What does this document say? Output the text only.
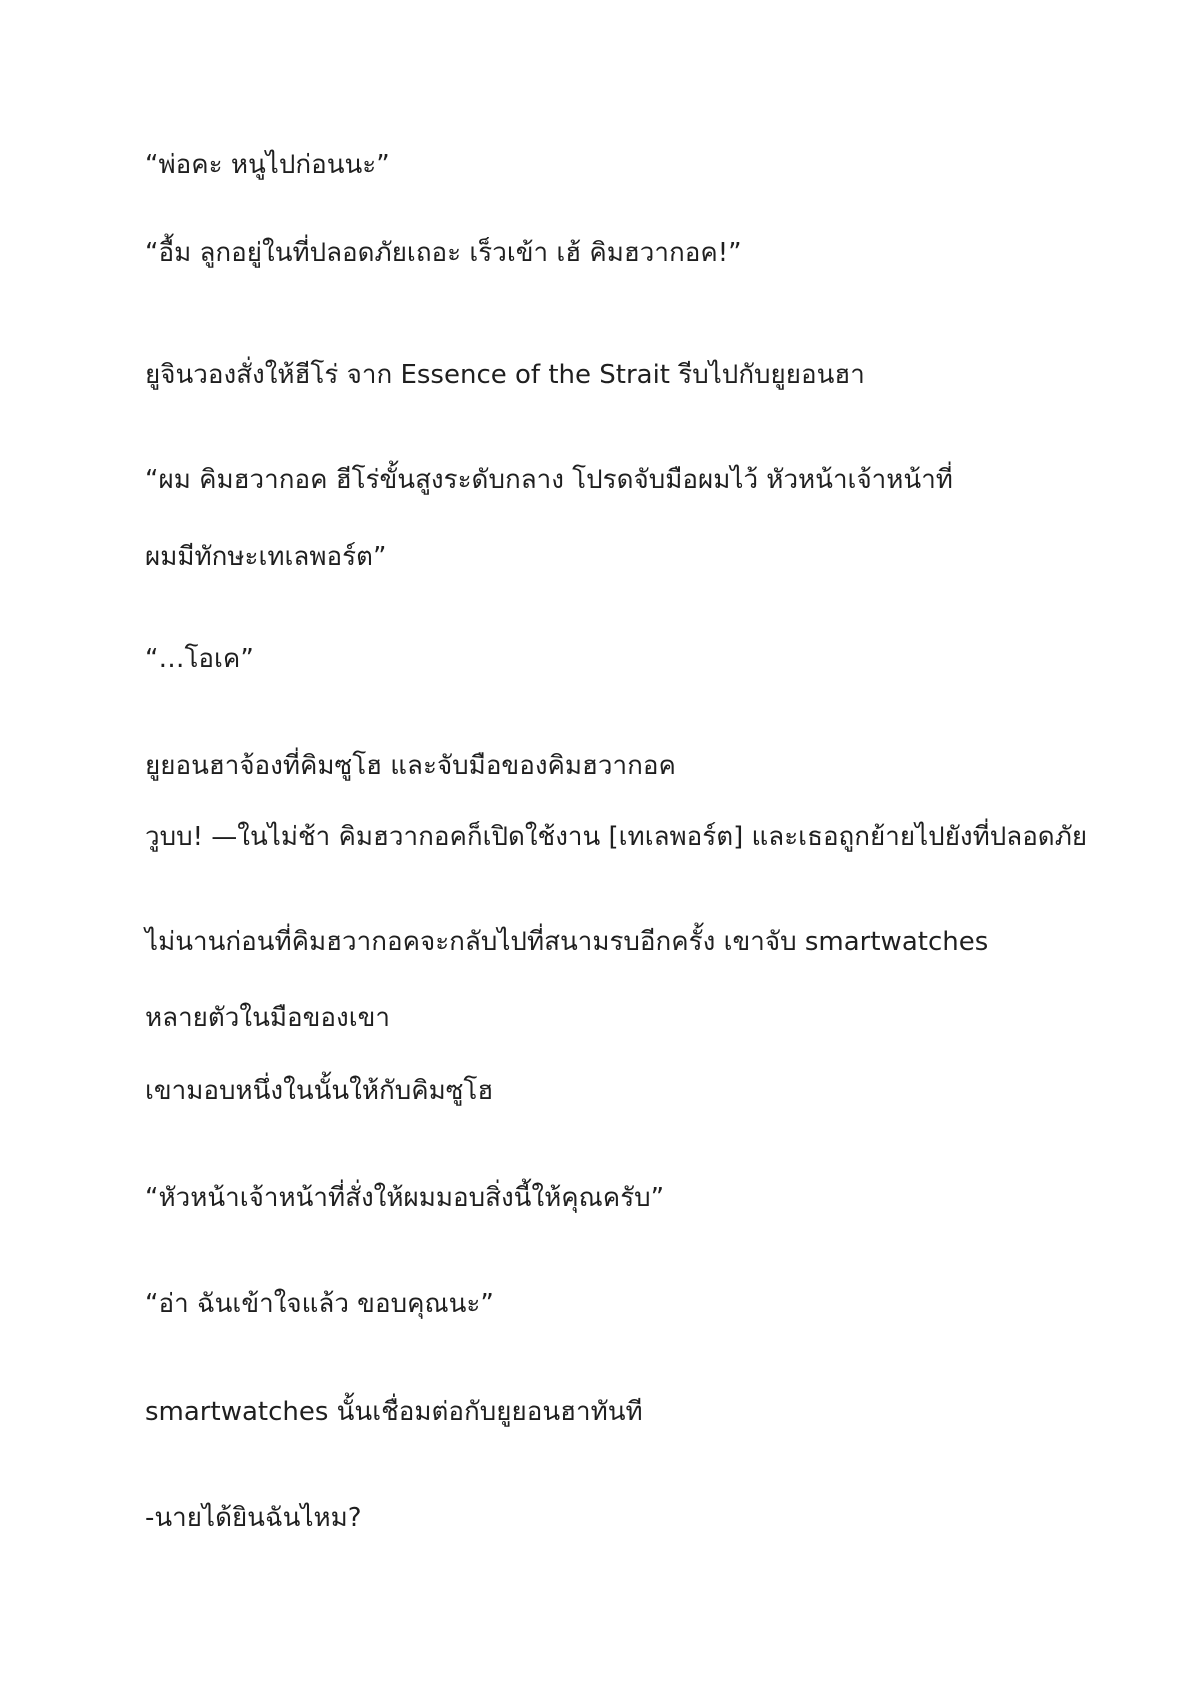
“พ่อคะ หนูไปก่อนนะ”
“อื้ม ลูกอยู่ในที่ปลอดภัยเถอะ เร็วเข้า เฮ้ คิมฮวากอค!”
ยูจินวองสั่งให้ฮีโร่ จาก Essence of the Strait รีบไปกับยูยอนฮา
“ผม คิมฮวากอค ฮีโร่ขั้นสูงระดับกลาง โปรดจับมือผมไว้ หัวหน้าเจ้าหน้าที่
ผมมีทักษะเทเลพอร์ต”
“…โอเค”
ยูยอนฮาจ้องที่คิมซูโฮ และจับมือของคิมฮวากอค
วูบบ! —ในไม่ช้า คิมฮวากอคก็เปิดใช้งาน [เทเลพอร์ต] และเธอถูกย้ายไปยังที่ปลอดภัย
ไม่นานก่อนที่คิมฮวากอคจะกลับไปที่สนามรบอีกครั้ง เขาจับ smartwatches
หลายตัวในมือของเขา
เขามอบหนึ่งในนั้นให้กับคิมซูโฮ
“หัวหน้าเจ้าหน้าที่สั่งให้ผมมอบสิ่งนี้ให้คุณครับ”
“อ่า ฉันเข้าใจแล้ว ขอบคุณนะ”
smartwatches นั้นเชื่อมต่อกับยูยอนฮาทันที
-นายได้ยินฉันไหม?
